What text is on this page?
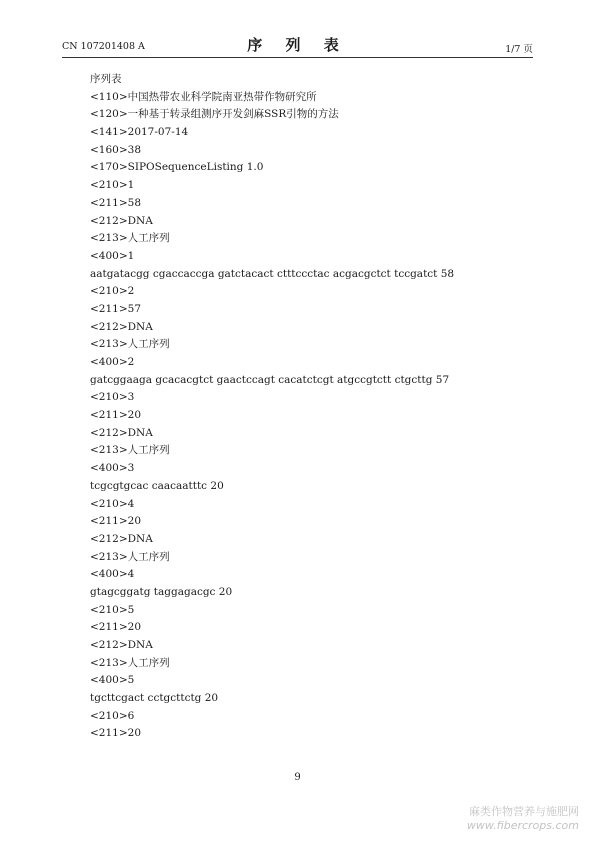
CN 107201408 A	序 列 表	1/7 页
序列表
<110>中国热带农业科学院南亚热带作物研究所
<120>一种基于转录组测序开发剑麻SSR引物的方法
<141>2017-07-14
<160>38
<170>SIPOSequenceListing 1.0
<210>1
<211>58
<212>DNA
<213>人工序列
<400>1
aatgatacgg cgaccaccga gatctacact ctttccctac acgacgctct tccgatct 58
<210>2
<211>57
<212>DNA
<213>人工序列
<400>2
gatcggaaga gcacacgtct gaactccagt cacatctcgt atgccgtctt ctgcttg 57
<210>3
<211>20
<212>DNA
<213>人工序列
<400>3
tcgcgtgcac caacaatttc 20
<210>4
<211>20
<212>DNA
<213>人工序列
<400>4
gtagcggatg taggagacgc 20
<210>5
<211>20
<212>DNA
<213>人工序列
<400>5
tgcttcgact cctgcttctg 20
<210>6
<211>20
9
麻类作物营养与施肥网
www.fibercrops.com
